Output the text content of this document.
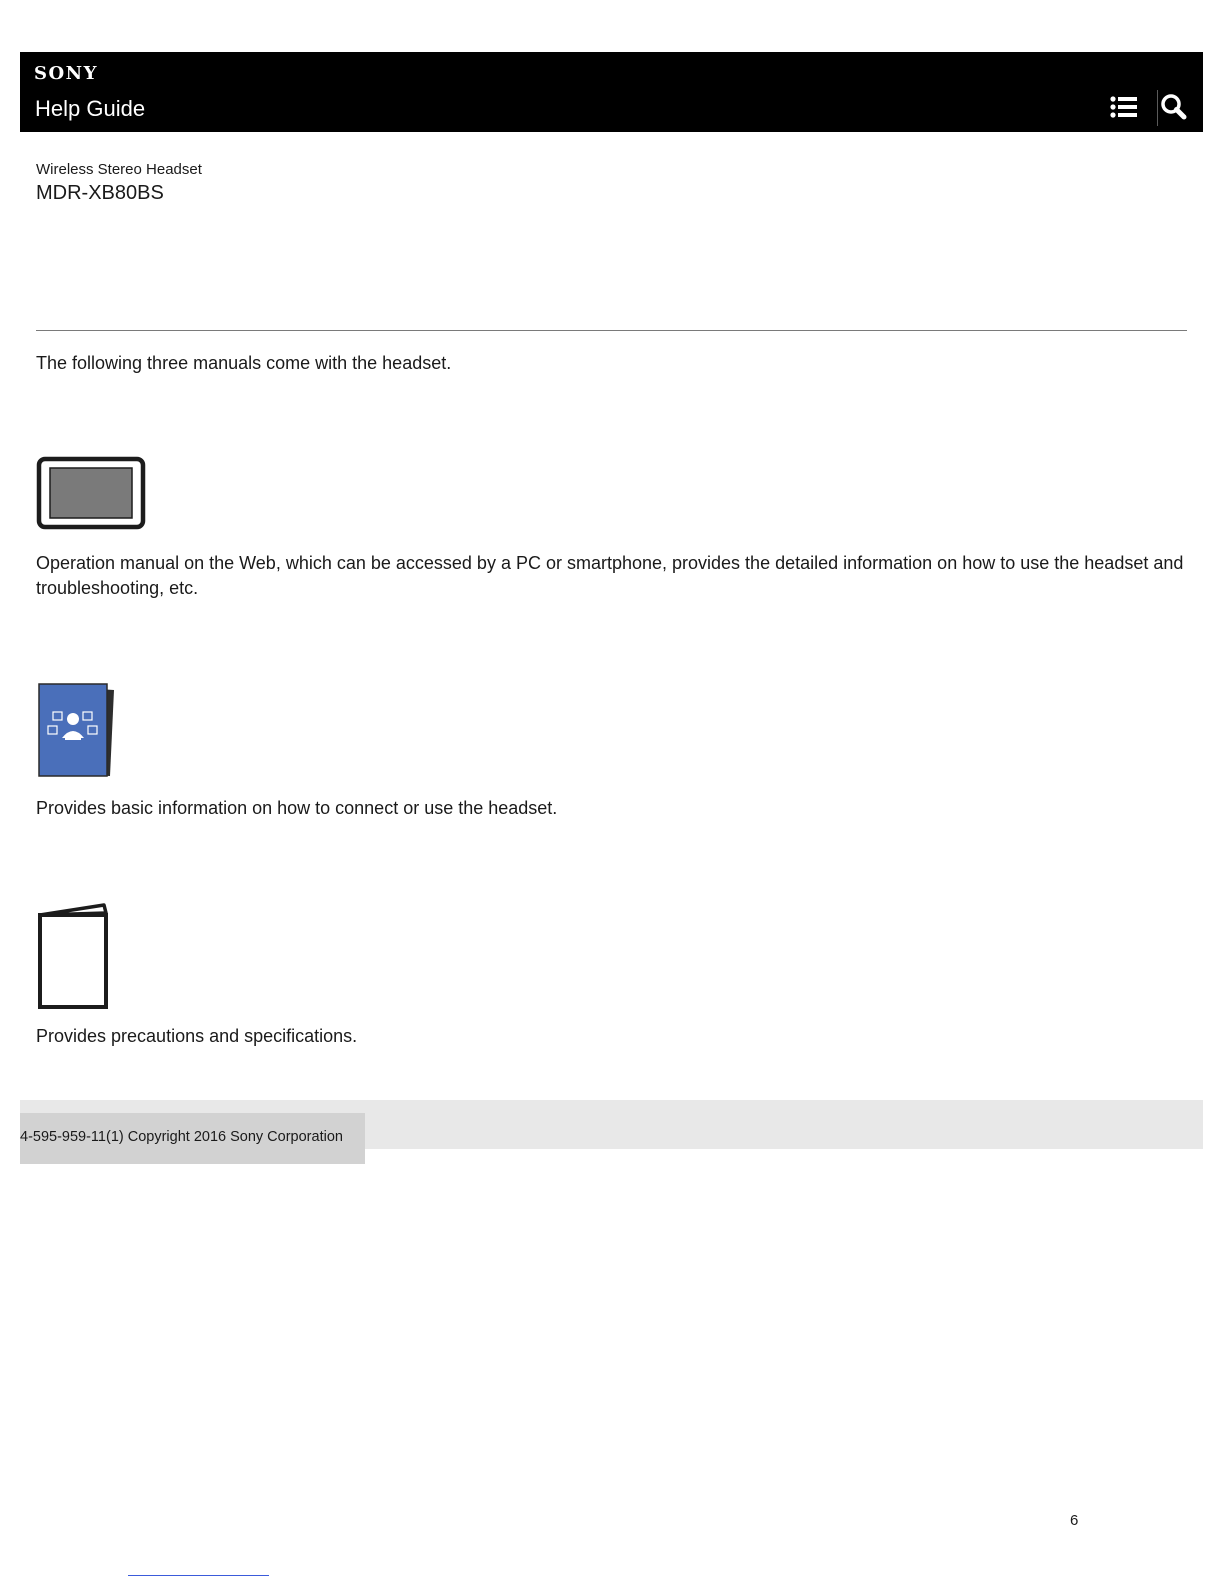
SONY
Help Guide
Wireless Stereo Headset
MDR-XB80BS
The following three manuals come with the headset.
Operation manual on the Web, which can be accessed by a PC or smartphone, provides the detailed information on how to use the headset and troubleshooting, etc.
Provides basic information on how to connect or use the headset.
Provides precautions and specifications.
4-595-959-11(1) Copyright 2016 Sony Corporation
6
